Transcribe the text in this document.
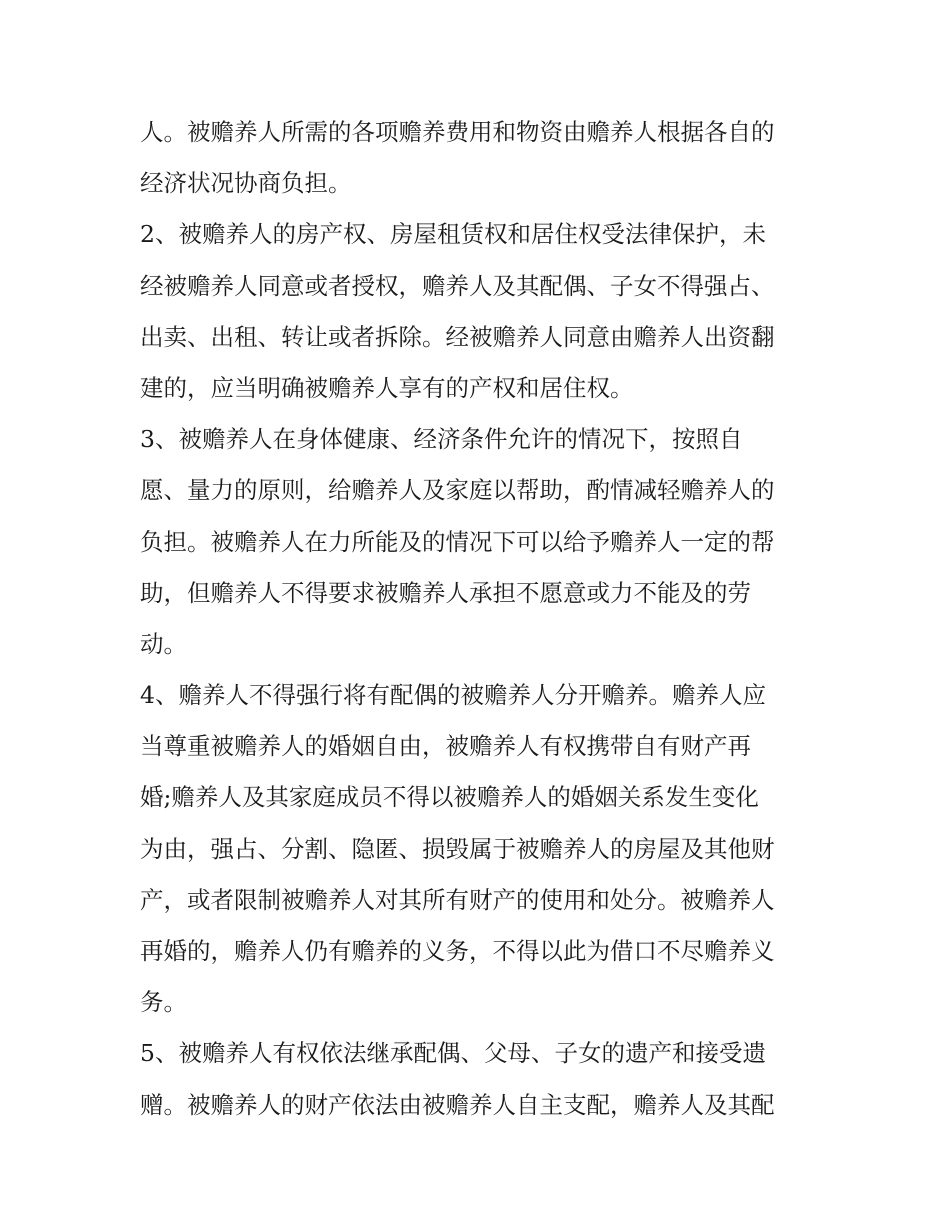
人。被赡养人所需的各项赡养费用和物资由赡养人根据各自的
经济状况协商负担。
2、被赡养人的房产权、房屋租赁权和居住权受法律保护，未
经被赡养人同意或者授权，赡养人及其配偶、子女不得强占、
出卖、出租、转让或者拆除。经被赡养人同意由赡养人出资翻
建的，应当明确被赡养人享有的产权和居住权。
3、被赡养人在身体健康、经济条件允许的情况下，按照自
愿、量力的原则，给赡养人及家庭以帮助，酌情减轻赡养人的
负担。被赡养人在力所能及的情况下可以给予赡养人一定的帮
助，但赡养人不得要求被赡养人承担不愿意或力不能及的劳
动。
4、赡养人不得强行将有配偶的被赡养人分开赡养。赡养人应
当尊重被赡养人的婚姻自由，被赡养人有权携带自有财产再
婚;赡养人及其家庭成员不得以被赡养人的婚姻关系发生变化
为由，强占、分割、隐匿、损毁属于被赡养人的房屋及其他财
产，或者限制被赡养人对其所有财产的使用和处分。被赡养人
再婚的，赡养人仍有赡养的义务，不得以此为借口不尽赡养义
务。
5、被赡养人有权依法继承配偶、父母、子女的遗产和接受遗
赠。被赡养人的财产依法由被赡养人自主支配，赡养人及其配
